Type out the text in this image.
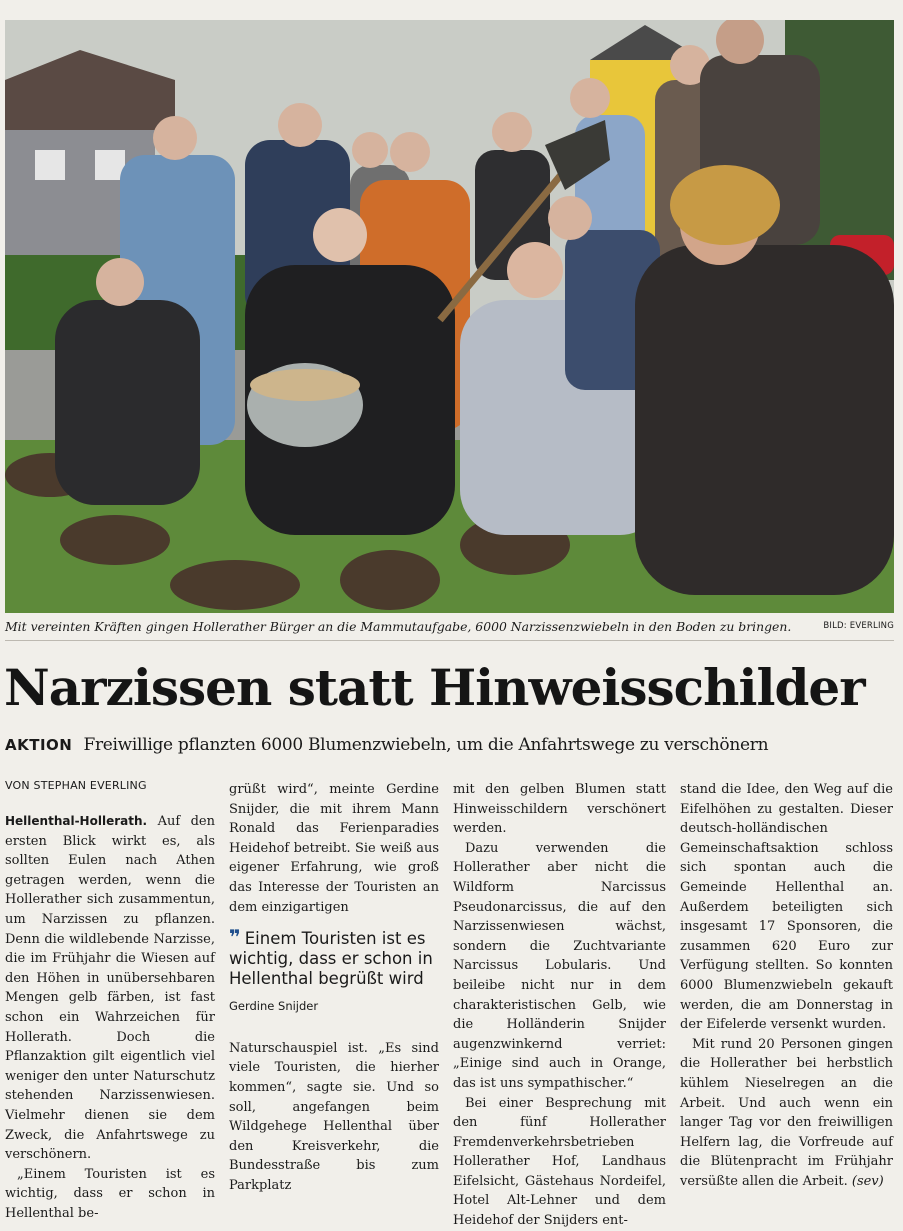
Mit vereinten Kräften gingen Hollerather Bürger an die Mammutaufgabe, 6000 Narzissenzwiebeln in den Boden zu bringen.	BILD: EVERLING
Narzissen statt Hinweisschilder
AKTION Freiwillige pflanzten 6000 Blumenzwiebeln, um die Anfahrtswege zu verschönern
VON STEPHAN EVERLING

Hellenthal-Hollerath. Auf den ersten Blick wirkt es, als sollten Eulen nach Athen getragen werden, wenn die Hollerather sich zusammentun, um Narzissen zu pflanzen. Denn die wildlebende Narzisse, die im Frühjahr die Wiesen auf den Höhen in unübersehbaren Mengen gelb färben, ist fast schon ein Wahrzeichen für Hollerath. Doch die Pflanzaktion gilt eigentlich viel weniger den unter Naturschutz stehenden Narzissenwiesen. Vielmehr dienen sie dem Zweck, die Anfahrtswege zu verschönern.

„Einem Touristen ist es wichtig, dass er schon in Hellenthal be-

grüßt wird“, meinte Gerdine Snijder, die mit ihrem Mann Ronald das Ferienparadies Heidehof betreibt. Sie weiß aus eigener Erfahrung, wie groß das Interesse der Touristen an dem einzigartigen

❞ Einem Touristen ist es wichtig, dass er schon in Hellenthal begrüßt wird
Gerdine Snijder

Naturschauspiel ist. „Es sind viele Touristen, die hierher kommen“, sagte sie. Und so soll, angefangen beim Wildgehege Hellenthal über den Kreisverkehr, die Bundesstraße bis zum Parkplatz

mit den gelben Blumen statt Hinweisschildern verschönert werden.

Dazu verwenden die Hollerather aber nicht die Wildform Narcissus Pseudonarcissus, die auf den Narzissenwiesen wächst, sondern die Zuchtvariante Narcissus Lobularis. Und beileibe nicht nur in dem charakteristischen Gelb, wie die Holländerin Snijder augenzwinkernd verriet: „Einige sind auch in Orange, das ist uns sympathischer.“

Bei einer Besprechung mit den fünf Hollerather Fremdenverkehrsbetrieben Hollerather Hof, Landhaus Eifelsicht, Gästehaus Nordeifel, Hotel Alt-Lehner und dem Heidehof der Snijders ent-

stand die Idee, den Weg auf die Eifelhöhen zu gestalten. Dieser deutsch-holländischen Gemeinschaftsaktion schloss sich spontan auch die Gemeinde Hellenthal an. Außerdem beteiligten sich insgesamt 17 Sponsoren, die zusammen 620 Euro zur Verfügung stellten. So konnten 6000 Blumenzwiebeln gekauft werden, die am Donnerstag in der Eifelerde versenkt wurden.

Mit rund 20 Personen gingen die Hollerather bei herbstlich kühlem Nieselregen an die Arbeit. Und auch wenn ein langer Tag vor den freiwilligen Helfern lag, die Vorfreude auf die Blütenpracht im Frühjahr versüßte allen die Arbeit. (sev)
